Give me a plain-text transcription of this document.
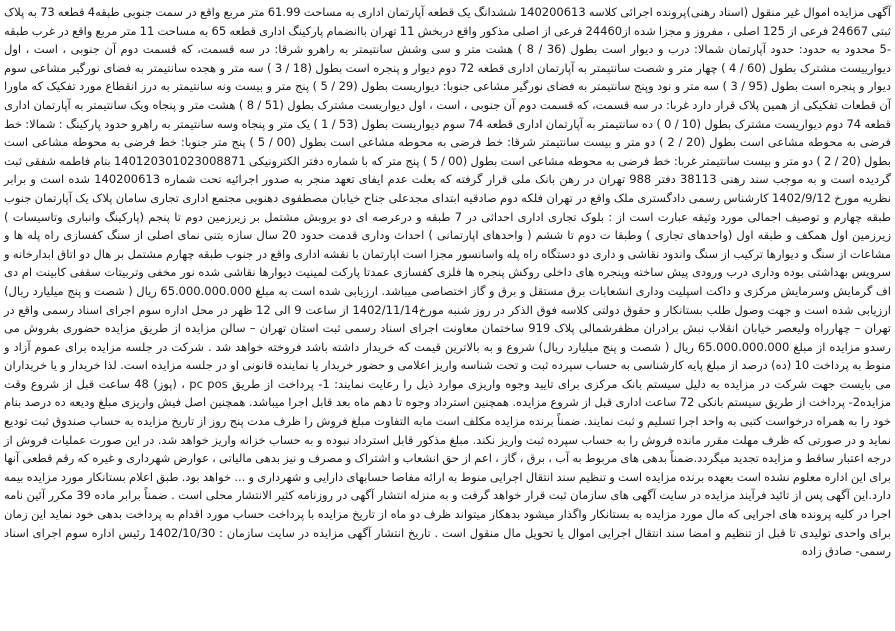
آگهی مزایده اموال غیر منقول (اسناد رهنی)پرونده اجرائی کلاسه 140200613 ششدانگ یک قطعه آپارتمان اداری به مساحت 61.99 متر مربع واقع در سمت جنوبی طبقه4 قطعه 73 به پلاک ثبتی 24667 فرعی از 125 اصلی ، مفروز و مجزا شده از24460 فرعی از اصلی مذکور واقع دربخش 11 تهران باانضمام پارکینگ اداری قطعه 65 به مساحت 11 متر مربع واقع در غرب طبقه -5 محدود به حدود: حدود آپارتمان شمالا: درب و دیوار است بطول (36 / 8 ) هشت متر و سی وشش سانتیمتر به راهرو شرقا: در سه قسمت، که قسمت دوم آن جنوبی ، است ، اول دیوارییست مشترک بطول (60 / 4 ) چهار متر و شصت سانتیمتر به آپارتمان اداری قطعه 72 دوم دیوار و پنجره است بطول (18 / 3 ) سه متر و هجده سانتیمتر به فضای نورگیر مشاعی سوم دیوار و پنجره است بطول (95 / 3 ) سه متر و نود وپنج سانتیمتر به فضای نورگیر مشاعی جنوبا: دیواریست بطول (29 / 5 ) پنج متر و بیست ونه سانتیمتر به درز انقطاع مورد تفکیک که ماورا آن قطعات تفکیکی از همین پلاک قرار دارد غربا: در سه قسمت، که قسمت دوم آن جنوبی ، است ، اول دیواریست مشترک بطول (51 / 8 ) هشت متر و پنجاه ویک سانتیمتر به آپارتمان اداری قطعه 74 دوم دیواریست مشترک بطول (10 / 0 ) ده سانتیمتر به آپارتمان اداری قطعه 74 سوم دیواریست بطول (53 / 1 ) یک متر و پنجاه وسه سانتیمتر به راهرو حدود پارکینگ : شمالا: خط فرضی به محوطه مشاعی است بطول (20 / 2 ) دو متر و بیست سانتیمتر شرقا: خط فرضی به محوطه مشاعی است بطول (00 / 5 ) پنج متر جنوبا: خط فرضی به محوطه مشاعی است بطول (20 / 2 ) دو متر و بیست سانتیمتر غربا: خط فرضی به محوطه مشاعی است بطول (00 / 5 ) پنج متر که با شماره دفتر الکترونیکی 140120301023008871 بنام فاطمه شفقی ثبت گردیده است و به موجب سند رهنی 38113 دفتر 988 تهران در رهن بانک ملی قرار گرفته که بعلت عدم ایفای تعهد منجر به صدور اجرائیه تحت شماره 140200613 شده است و برابر نظریه مورخ 1402/9/12 کارشناس رسمی دادگستری ملک واقع در تهران فلکه دوم صادقیه ابتدای مجدعلی جناح خیابان مصطفوی دهنویی مجتمع اداری تجاری سامان پلاک یک آپارتمان جنوب طبقه چهارم و توصیف اجمالی مورد وثیقه عبارت است از : بلوک تجاری اداری احداثی در 7 طبقه و درعرصه ای دو بروبش مشتمل بر زیرزمین دوم تا پنجم (پارکینگ وانباری وتاسیسات ) زیرزمین اول همکف و طبقه اول (واحدهای تجاری ) وطبقا ت دوم تا ششم ( واحدهای اپارتمانی ) احداث وداری قدمت حدود 20 سال سازه بتنی نمای اصلی از سنگ کفسازی راه پله ها و مشاعات از سنگ و دیوارها ترکیب از سنگ واندود نقاشی و داری دو دستگاه راه پله واسانسور مجزا است اپارتمان با نقشه اداری واقع در جنوب طبقه چهارم مشتمل بر هال دو اتاق ابدارخانه و سرویس بهداشتی بوده وداری درب ورودی پیش ساخته وپنجره های داخلی روکش پنجره ها فلزی کفسازی عمدتا پارکت لمینیت دیوارها نقاشی شده نور مخفی وتربیتات سقفی کابینت ام دی اف گرمایش وسرمایش مرکزی و داکت اسپلیت وداری انشعابات برق مستقل و برق و گاز اختصاصی میباشد. ارزیابی شده است به مبلغ 65.000.000.000 ریال ( شصت و پنج میلیارد ریال) ارزیابی شده است و جهت وصول طلب بستانکار و حقوق دولتی کلاسه فوق الذکر در روز شنبه مورخ1402/11/14 از ساعت 9 الی 12 ظهر در محل اداره سوم اجرای اسناد رسمی واقع در تهران – چهارراه ولیعصر خیابان انقلاب نبش برادران مظفرشمالی پلاک 919 ساختمان معاونت اجرای اسناد رسمی ثبت استان تهران – سالن مزایده از طریق مزایده حضوری بفروش می رسدو مزایده از مبلغ 65.000.000.000 ریال ( شصت و پنج میلیارد ریال) شروع و به بالاترین قیمت که خریدار داشته باشد فروخته خواهد شد . شرکت در جلسه مزایده برای عموم آزاد و منوط به پرداخت 10 (ده) درصد از مبلغ پایه کارشناسی به حساب سپرده ثبت و تحت شناسه واریز اعلامی و حضور خریدار یا نماینده قانونی او در جلسه مزایده است. لذا خریدار و یا خریداران می بایست جهت شرکت در مزایده به دلیل سیستم بانک مرکزی برای تایید وجوه واریزی موارد ذیل را رعایت نمایند: 1- پرداخت از طریق pc pos ، (پوز) 48 ساعت قبل از شروع وقت مزایده2- پرداخت از طریق سیستم بانکی 72 ساعت اداری قبل از شروع مزایده. همچنین استرداد وجوه تا دهم ماه بعد قابل اجرا میباشد. همچنین اصل فیش واریزی مبلغ ودیعه ده درصد بنام خود را به همراه درخواست کتبی به واحد اجرا تسلیم و ثبت نمایند. ضمناً برنده مزایده مکلف است مابه التفاوت مبلغ فروش را ظرف مدت پنج روز از تاریخ مزایده به حساب صندوق ثبت تودیع نماید و در صورتی که ظرف مهلت مقرر مانده فروش را به حساب سپرده ثبت واریز نکند. مبلغ مذکور قابل استرداد نبوده و به حساب خزانه واریز خواهد شد. در این صورت عملیات فروش از درجه اعتبار ساقط و مزایده تجدید میگردد.ضمناً بدهی های مربوط به آب ، برق ، گاز ، اعم از حق انشعاب و اشتراک و مصرف و نیز بدهی مالیاتی ، عوارض شهرداری و غیره که رقم قطعی آنها برای این اداره معلوم نشده است بعهده برنده مزایده است و تنظیم سند انتقال اجرایی منوط به ارائه مفاصا حسابهای دارایی و شهرداری و ... خواهد بود. طبق اعلام بستانکار مورد مزایده بیمه دارد.این آگهی پس از تائید فرآیند مزایده در سایت آگهی های سازمان ثبت قرار خواهد گرفت و به منزله انتشار آگهی در روزنامه کثیر الانتشار محلی است . ضمناً برابر ماده 39 مکرر آئین نامه اجرا در کلیه پرونده های اجرایی که مال مورد مزایده به بستانکار واگذار میشود بدهکار میتواند ظرف دو ماه از تاریخ مزایده با پرداخت حساب مورد اقدام به پرداخت بدهی خود نماید این زمان برای واحدی تولیدی تا قبل از تنظیم و امضا سند انتقال اجرایی اموال یا تحویل مال منقول است . تاریخ انتشار آگهی مزایده در سایت سازمان : 1402/10/30 رئیس اداره سوم اجرای اسناد رسمی- صادق زاده
